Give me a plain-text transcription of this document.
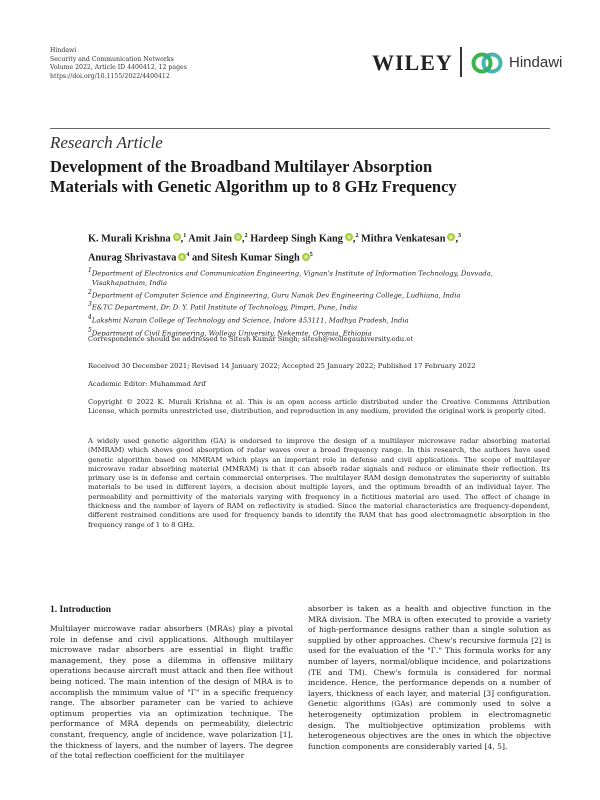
Hindawi
Security and Communication Networks
Volume 2022, Article ID 4400412, 12 pages
https://doi.org/10.1155/2022/4400412
WILEY	Hindawi
Research Article
Development of the Broadband Multilayer Absorption
Materials with Genetic Algorithm up to 8 GHz Frequency
K. Murali Krishna ,$^1$ Amit Jain ,$^2$ Hardeep Singh Kang ,$^2$ Mithra Venkatesan ,$^3$
Anurag Shrivastava $^4$ and Sitesh Kumar Singh $^5$
$^1$Department of Electronics and Communication Engineering, Vignan's Institute of Information Technology, Duvvada,
Visakhapatnam, India
$^2$Department of Computer Science and Engineering, Guru Nanak Dev Engineering College, Ludhiana, India
$^3$E&TC Department, Dr. D. Y. Patil Institute of Technology, Pimpri, Pune, India
$^4$Lakshmi Narain College of Technology and Science, Indore 453111, Madhya Pradesh, India
$^5$Department of Civil Engineering, Wollega University, Nekemte, Oromia, Ethiopia
Correspondence should be addressed to Sitesh Kumar Singh; sitesh@wollegauniversity.edu.et
Received 30 December 2021; Revised 14 January 2022; Accepted 25 January 2022; Published 17 February 2022
Academic Editor: Muhammad Arif
Copyright © 2022 K. Murali Krishna et al. This is an open access article distributed under the Creative Commons Attribution License, which permits unrestricted use, distribution, and reproduction in any medium, provided the original work is properly cited.
A widely used genetic algorithm (GA) is endorsed to improve the design of a multilayer microwave radar absorbing material (MMRAM) which shows good absorption of radar waves over a broad frequency range. In this research, the authors have used genetic algorithm based on MMRAM which plays an important role in defense and civil applications. The scope of multilayer microwave radar absorbing material (MMRAM) is that it can absorb radar signals and reduce or eliminate their reflection. Its primary use is in defense and certain commercial enterprises. The multilayer RAM design demonstrates the superiority of suitable materials to be used in different layers, a decision about multiple layers, and the optimum breadth of an individual layer. The permeability and permittivity of the materials varying with frequency in a fictitious material are used. The effect of change in thickness and the number of layers of RAM on reflectivity is studied. Since the material characteristics are frequency-dependent, different restrained conditions are used for frequency bands to identify the RAM that has good electromagnetic absorption in the frequency range of 1 to 8 GHz.
1. Introduction
Multilayer microwave radar absorbers (MRAs) play a pivotal role in defense and civil applications. Although multilayer microwave radar absorbers are essential in flight traffic management, they pose a dilemma in offensive military operations because aircraft must attack and then flee without being noticed. The main intention of the design of MRA is to accomplish the minimum value of "Γ" in a specific frequency range. The absorber parameter can be varied to achieve optimum properties via an optimization technique. The performance of MRA depends on permeability, dielectric constant, frequency, angle of incidence, wave polarization [1], the thickness of layers, and the number of layers. The degree of the total reflection coefficient for the multilayer
absorber is taken as a health and objective function in the MRA division. The MRA is often executed to provide a variety of high-performance designs rather than a single solution as supplied by other approaches. Chew's recursive formula [2] is used for the evaluation of the "Γ." This formula works for any number of layers, normal/oblique incidence, and polarizations (TE and TM). Chew's formula is considered for normal incidence. Hence, the performance depends on a number of layers, thickness of each layer, and material [3] configuration. Genetic algorithms (GAs) are commonly used to solve a heterogeneity optimization problem in electromagnetic design. The multiobjective optimization problems with heterogeneous objectives are the ones in which the objective function components are considerably varied [4, 5].
